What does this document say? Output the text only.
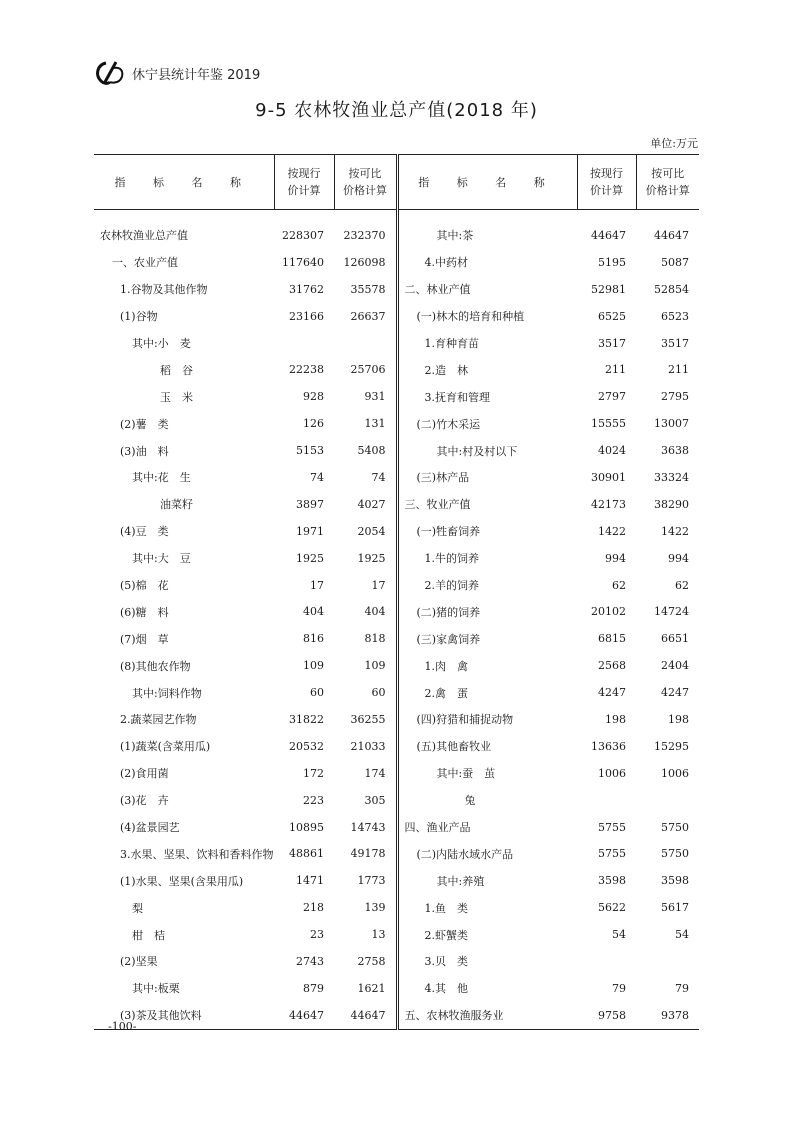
休宁县统计年鉴 2019
9-5 农林牧渔业总产值(2018 年)
单位:万元
指 标 名 称	按现行
价计算	按可比
价格计算	指 标 名 称	按现行
价计算	按可比
价格计算

农林牧渔业总产值	228307	232370	其中:茶	44647	44647
一、农业产值	117640	126098	4.中药材	5195	5087
1.谷物及其他作物	31762	35578	二、林业产值	52981	52854
(1)谷物	23166	26637	(一)林木的培育和种植	6525	6523
其中:小　麦			1.育种育苗	3517	3517
稻　谷	22238	25706	2.造　林	211	211
玉　米	928	931	3.抚育和管理	2797	2795
(2)薯　类	126	131	(二)竹木采运	15555	13007
(3)油　料	5153	5408	其中:村及村以下	4024	3638
其中:花　生	74	74	(三)林产品	30901	33324
油菜籽	3897	4027	三、牧业产值	42173	38290
(4)豆　类	1971	2054	(一)牲畜饲养	1422	1422
其中:大　豆	1925	1925	1.牛的饲养	994	994
(5)棉　花	17	17	2.羊的饲养	62	62
(6)糖　料	404	404	(二)猪的饲养	20102	14724
(7)烟　草	816	818	(三)家禽饲养	6815	6651
(8)其他农作物	109	109	1.肉　禽	2568	2404
其中:饲料作物	60	60	2.禽　蛋	4247	4247
2.蔬菜园艺作物	31822	36255	(四)狩猎和捕捉动物	198	198
(1)蔬菜(含菜用瓜)	20532	21033	(五)其他畜牧业	13636	15295
(2)食用菌	172	174	其中:蚕　茧	1006	1006
(3)花　卉	223	305	兔		
(4)盆景园艺	10895	14743	四、渔业产品	5755	5750
3.水果、坚果、饮料和香料作物	48861	49178	(二)内陆水域水产品	5755	5750
(1)水果、坚果(含果用瓜)	1471	1773	其中:养殖	3598	3598
梨	218	139	1.鱼　类	5622	5617
柑　桔	23	13	2.虾蟹类	54	54
(2)坚果	2743	2758	3.贝　类		
其中:板栗	879	1621	4.其　他	79	79
(3)茶及其他饮料	44647	44647	五、农林牧渔服务业	9758	9378
-100-
